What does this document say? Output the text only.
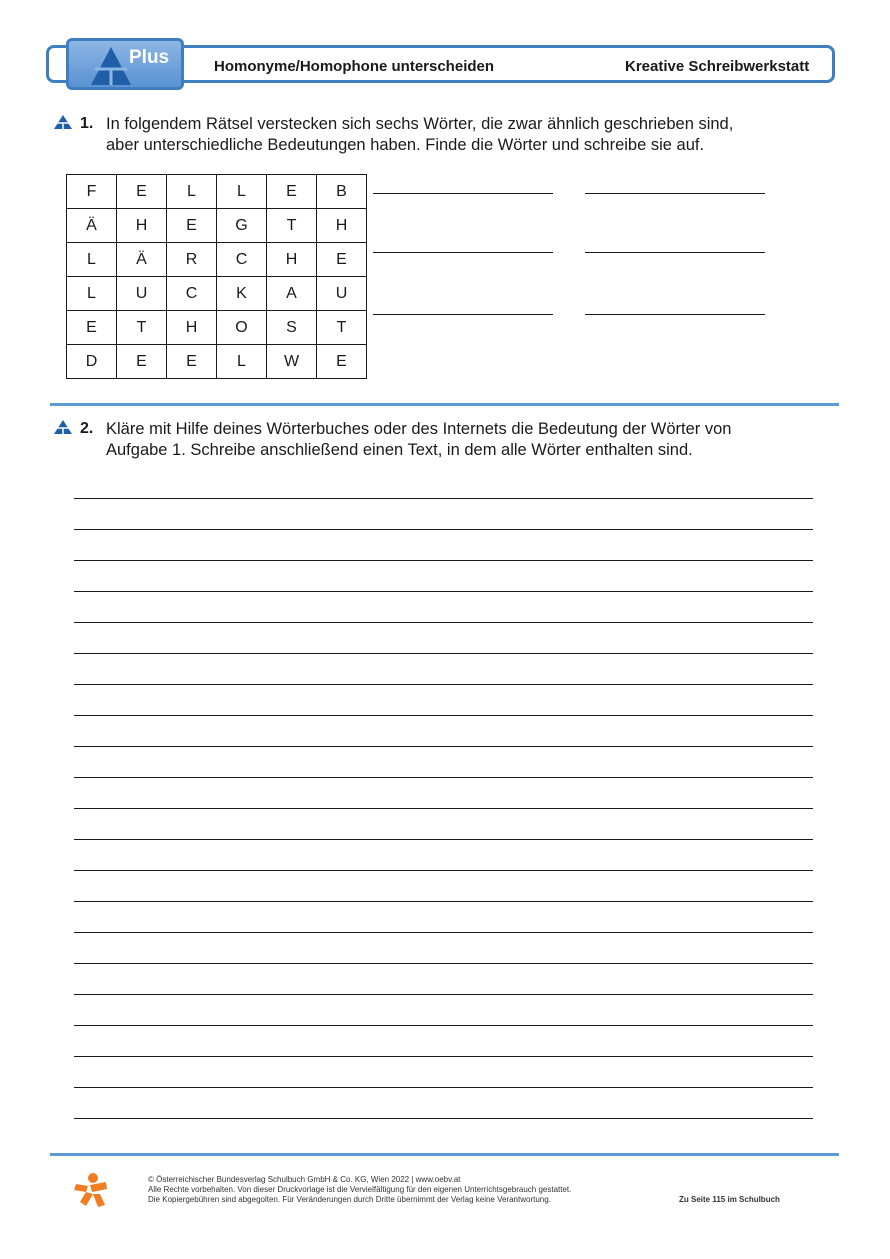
Plus	Homonyme/Homophone unterscheiden	Kreative Schreibwerkstatt
1. In folgendem Rätsel verstecken sich sechs Wörter, die zwar ähnlich geschrieben sind,
aber unterschiedliche Bedeutungen haben. Finde die Wörter und schreibe sie auf.
F	E	L	L	E	B
Ä	H	E	G	T	H
L	Ä	R	C	H	E
L	U	C	K	A	U
E	T	H	O	S	T
D	E	E	L	W	E
2. Kläre mit Hilfe deines Wörterbuches oder des Internets die Bedeutung der Wörter von
Aufgabe 1. Schreibe anschließend einen Text, in dem alle Wörter enthalten sind.
© Österreichischer Bundesverlag Schulbuch GmbH & Co. KG, Wien 2022 | www.oebv.at
Alle Rechte vorbehalten. Von dieser Druckvorlage ist die Vervielfältigung für den eigenen Unterrichtsgebrauch gestattet.
Die Kopiergebühren sind abgegolten. Für Veränderungen durch Dritte übernimmt der Verlag keine Verantwortung.	Zu Seite 115 im Schulbuch
